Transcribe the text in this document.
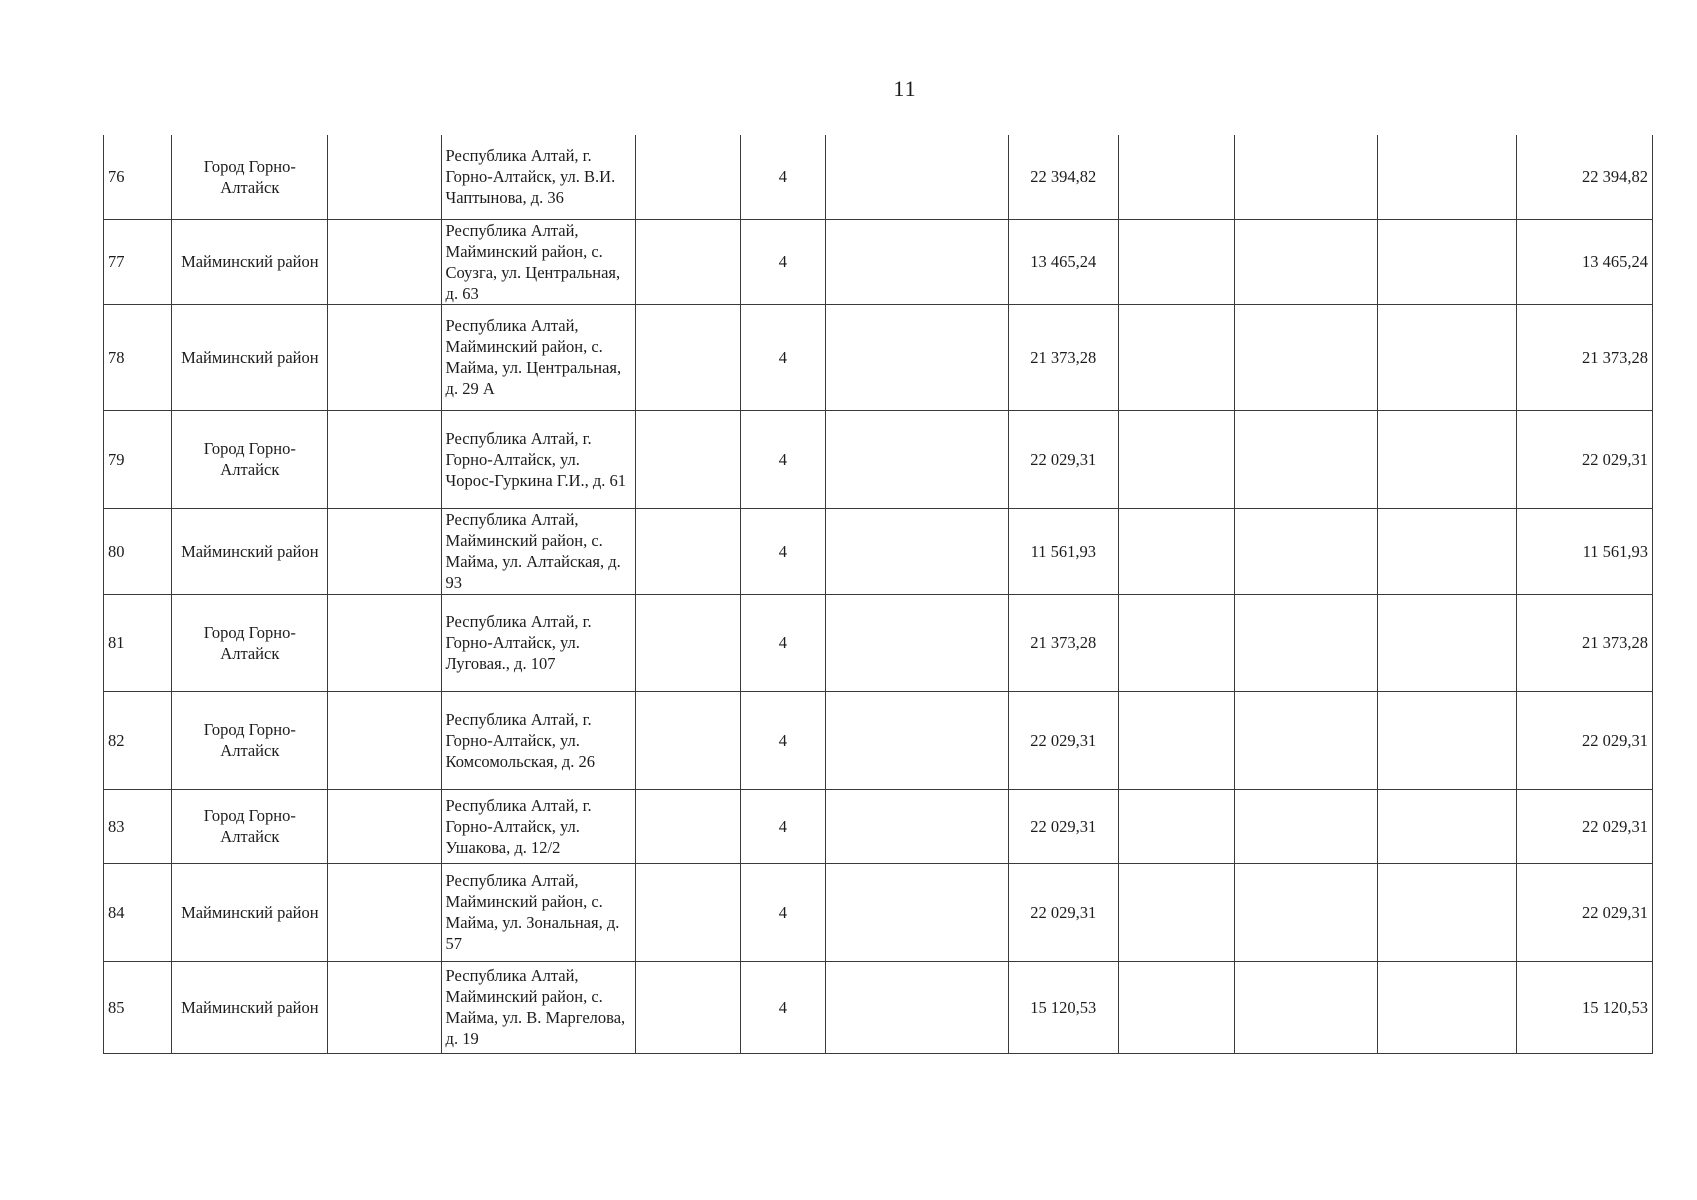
11
76	Город Горно-Алтайск		Республика Алтай, г. Горно-Алтайск, ул. В.И. Чаптынова, д. 36		4		22 394,82				22 394,82
77	Майминский район		Республика Алтай, Майминский район, с. Соузга, ул. Центральная, д. 63		4		13 465,24				13 465,24
78	Майминский район		Республика Алтай, Майминский район, с. Майма, ул. Центральная, д. 29 А		4		21 373,28				21 373,28
79	Город Горно-Алтайск		Республика Алтай, г. Горно-Алтайск, ул. Чорос-Гуркина Г.И., д. 61		4		22 029,31				22 029,31
80	Майминский район		Республика Алтай, Майминский район, с. Майма, ул. Алтайская, д. 93		4		11 561,93				11 561,93
81	Город Горно-Алтайск		Республика Алтай, г. Горно-Алтайск, ул. Луговая., д. 107		4		21 373,28				21 373,28
82	Город Горно-Алтайск		Республика Алтай, г. Горно-Алтайск, ул. Комсомольская, д. 26		4		22 029,31				22 029,31
83	Город Горно-Алтайск		Республика Алтай, г. Горно-Алтайск, ул. Ушакова, д. 12/2		4		22 029,31				22 029,31
84	Майминский район		Республика Алтай, Майминский район, с. Майма, ул. Зональная, д. 57		4		22 029,31				22 029,31
85	Майминский район		Республика Алтай, Майминский район, с. Майма, ул. В. Маргелова, д. 19		4		15 120,53				15 120,53
